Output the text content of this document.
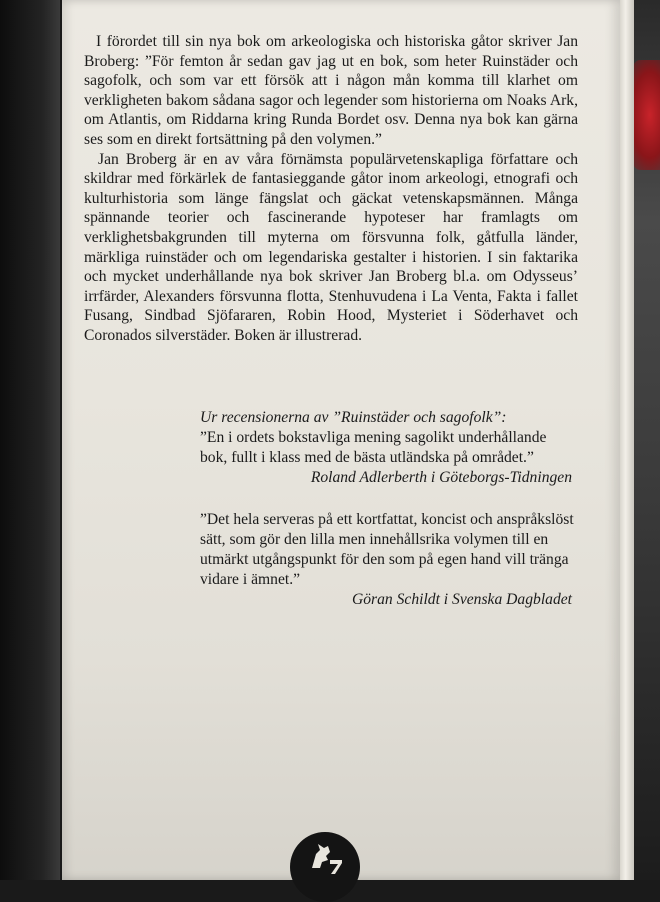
I förordet till sin nya bok om arkeologiska och historiska gåtor skriver Jan Broberg: ”För femton år sedan gav jag ut en bok, som heter Ruinstäder och sagofolk, och som var ett försök att i någon mån komma till klarhet om verkligheten bakom sådana sagor och legender som historierna om Noaks Ark, om Atlantis, om Riddarna kring Runda Bordet osv. Denna nya bok kan gärna ses som en direkt fortsättning på den volymen.”

Jan Broberg är en av våra förnämsta populärvetenskapliga författare och skildrar med förkärlek de fantasieggande gåtor inom arkeologi, etnografi och kulturhistoria som länge fängslat och gäckat vetenskapsmännen. Många spännande teorier och fascinerande hypoteser har framlagts om verklighetsbakgrunden till myterna om försvunna folk, gåtfulla länder, märkliga ruinstäder och om legendariska gestalter i historien. I sin faktarika och mycket underhållande nya bok skriver Jan Broberg bl.a. om Odysseus’ irrfärder, Alexanders försvunna flotta, Stenhuvudena i La Venta, Fakta i fallet Fusang, Sindbad Sjöfararen, Robin Hood, Mysteriet i Söderhavet och Coronados silverstäder. Boken är illustrerad.

Ur recensionerna av ”Ruinstäder och sagofolk”:

”En i ordets bokstavliga mening sagolikt underhållande bok, fullt i klass med de bästa utländska på området.”

Roland Adlerberth i Göteborgs-Tidningen

”Det hela serveras på ett kortfattat, koncist och anspråkslöst sätt, som gör den lilla men innehållsrika volymen till en utmärkt utgångspunkt för den som på egen hand vill tränga vidare i ämnet.”

Göran Schildt i Svenska Dagbladet
